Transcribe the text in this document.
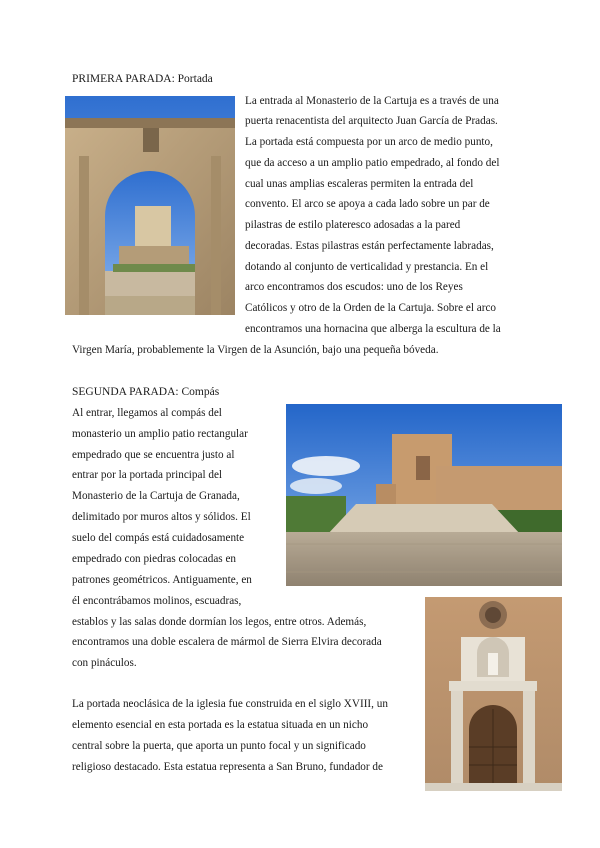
PRIMERA PARADA: Portada
La entrada al Monasterio de la Cartuja es a través de una
puerta renacentista del arquitecto Juan García de Pradas.
La portada está compuesta por un arco de medio punto,
que da acceso a un amplio patio empedrado, al fondo del
cual unas amplias escaleras permiten la entrada del
convento. El arco se apoya a cada lado sobre un par de
pilastras de estilo plateresco adosadas a la pared
decoradas. Estas pilastras están perfectamente labradas,
dotando al conjunto de verticalidad y prestancia. En el
arco encontramos dos escudos: uno de los Reyes
Católicos y otro de la Orden de la Cartuja. Sobre el arco
encontramos una hornacina que alberga la escultura de la
Virgen María, probablemente la Virgen de la Asunción, bajo una pequeña bóveda.
SEGUNDA PARADA: Compás
Al entrar, llegamos al compás del
monasterio un amplio patio rectangular
empedrado que se encuentra justo al
entrar por la portada principal del
Monasterio de la Cartuja de Granada,
delimitado por muros altos y sólidos. El
suelo del compás está cuidadosamente
empedrado con piedras colocadas en
patrones geométricos. Antiguamente, en
él encontrábamos molinos, escuadras,
establos y las salas donde dormían los legos, entre otros. Además,
encontramos una doble escalera de mármol de Sierra Elvira decorada
con pináculos.
La portada neoclásica de la iglesia fue construida en el siglo XVIII, un
elemento esencial en esta portada es la estatua situada en un nicho
central sobre la puerta, que aporta un punto focal y un significado
religioso destacado. Esta estatua representa a San Bruno, fundador de
